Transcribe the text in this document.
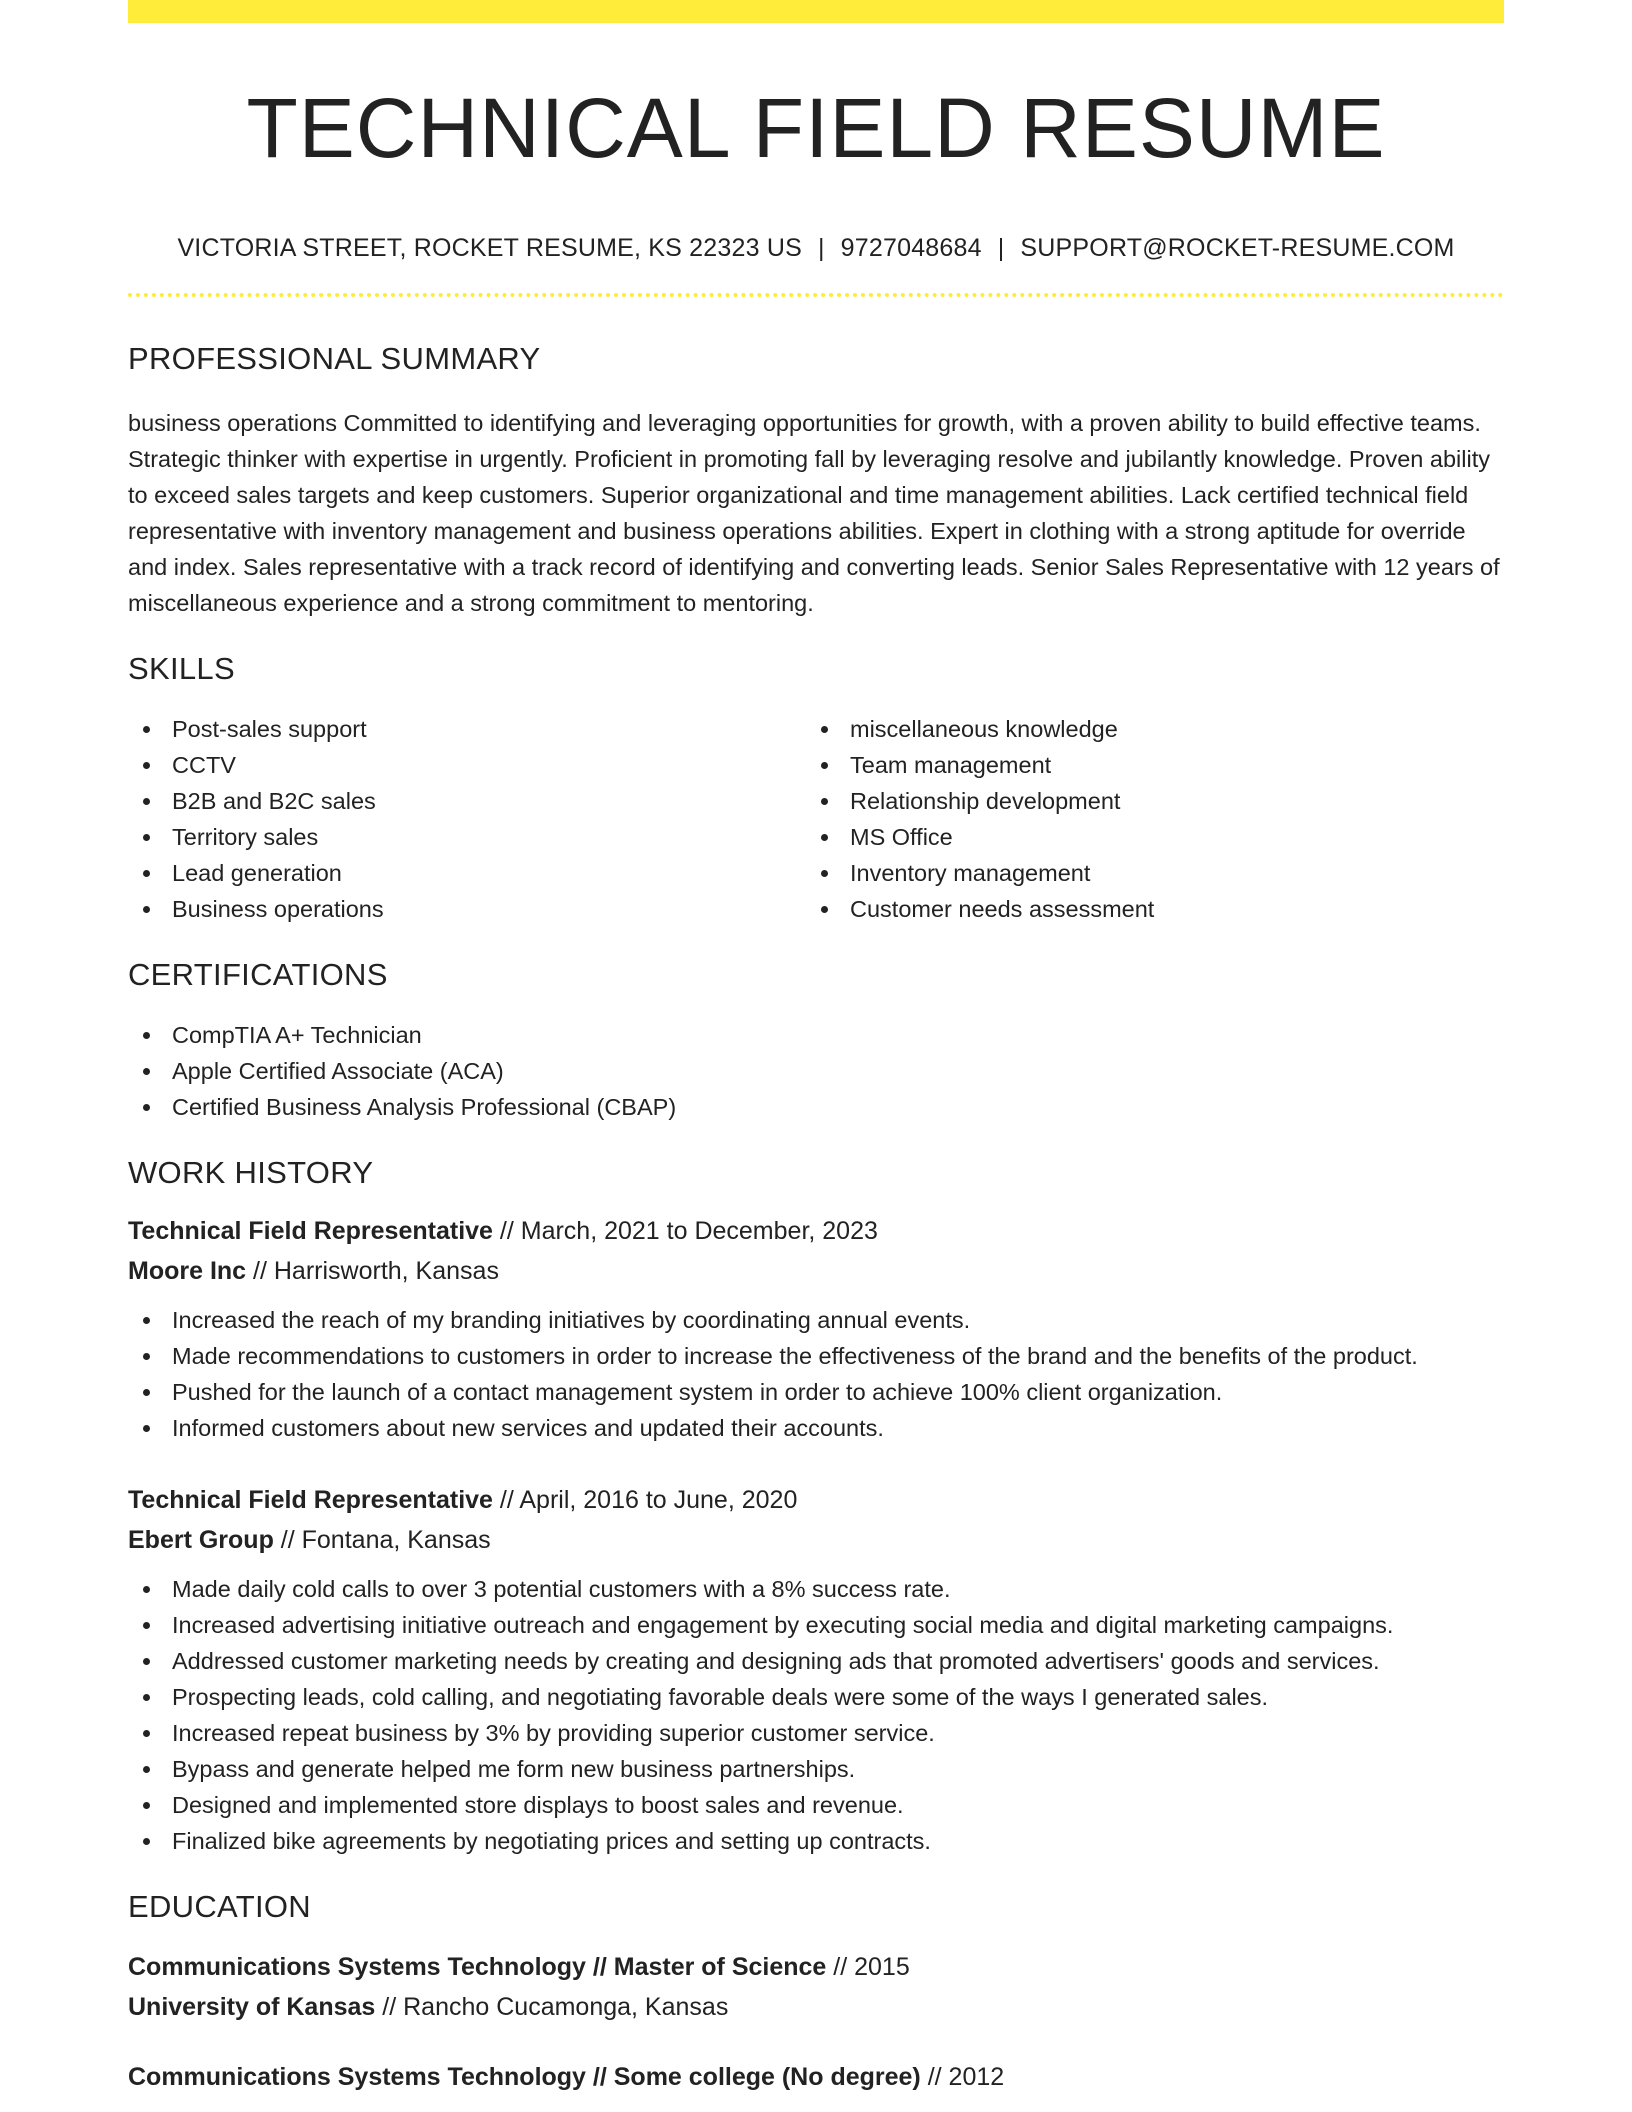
TECHNICAL FIELD RESUME
VICTORIA STREET, ROCKET RESUME, KS 22323 US | 9727048684 | SUPPORT@ROCKET-RESUME.COM
PROFESSIONAL SUMMARY

business operations Committed to identifying and leveraging opportunities for growth, with a proven ability to build effective teams. Strategic thinker with expertise in urgently. Proficient in promoting fall by leveraging resolve and jubilantly knowledge. Proven ability to exceed sales targets and keep customers. Superior organizational and time management abilities. Lack certified technical field representative with inventory management and business operations abilities. Expert in clothing with a strong aptitude for override and index. Sales representative with a track record of identifying and converting leads. Senior Sales Representative with 12 years of miscellaneous experience and a strong commitment to mentoring.

SKILLS
Post-sales support
CCTV
B2B and B2C sales
Territory sales
Lead generation
Business operations
miscellaneous knowledge
Team management
Relationship development
MS Office
Inventory management
Customer needs assessment
CERTIFICATIONS
CompTIA A+ Technician
Apple Certified Associate (ACA)
Certified Business Analysis Professional (CBAP)
WORK HISTORY
Technical Field Representative // March, 2021 to December, 2023
Moore Inc // Harrisworth, Kansas
Increased the reach of my branding initiatives by coordinating annual events.
Made recommendations to customers in order to increase the effectiveness of the brand and the benefits of the product.
Pushed for the launch of a contact management system in order to achieve 100% client organization.
Informed customers about new services and updated their accounts.
Technical Field Representative // April, 2016 to June, 2020
Ebert Group // Fontana, Kansas
Made daily cold calls to over 3 potential customers with a 8% success rate.
Increased advertising initiative outreach and engagement by executing social media and digital marketing campaigns.
Addressed customer marketing needs by creating and designing ads that promoted advertisers' goods and services.
Prospecting leads, cold calling, and negotiating favorable deals were some of the ways I generated sales.
Increased repeat business by 3% by providing superior customer service.
Bypass and generate helped me form new business partnerships.
Designed and implemented store displays to boost sales and revenue.
Finalized bike agreements by negotiating prices and setting up contracts.
EDUCATION
Communications Systems Technology // Master of Science // 2015
University of Kansas // Rancho Cucamonga, Kansas
Communications Systems Technology // Some college (No degree) // 2012
